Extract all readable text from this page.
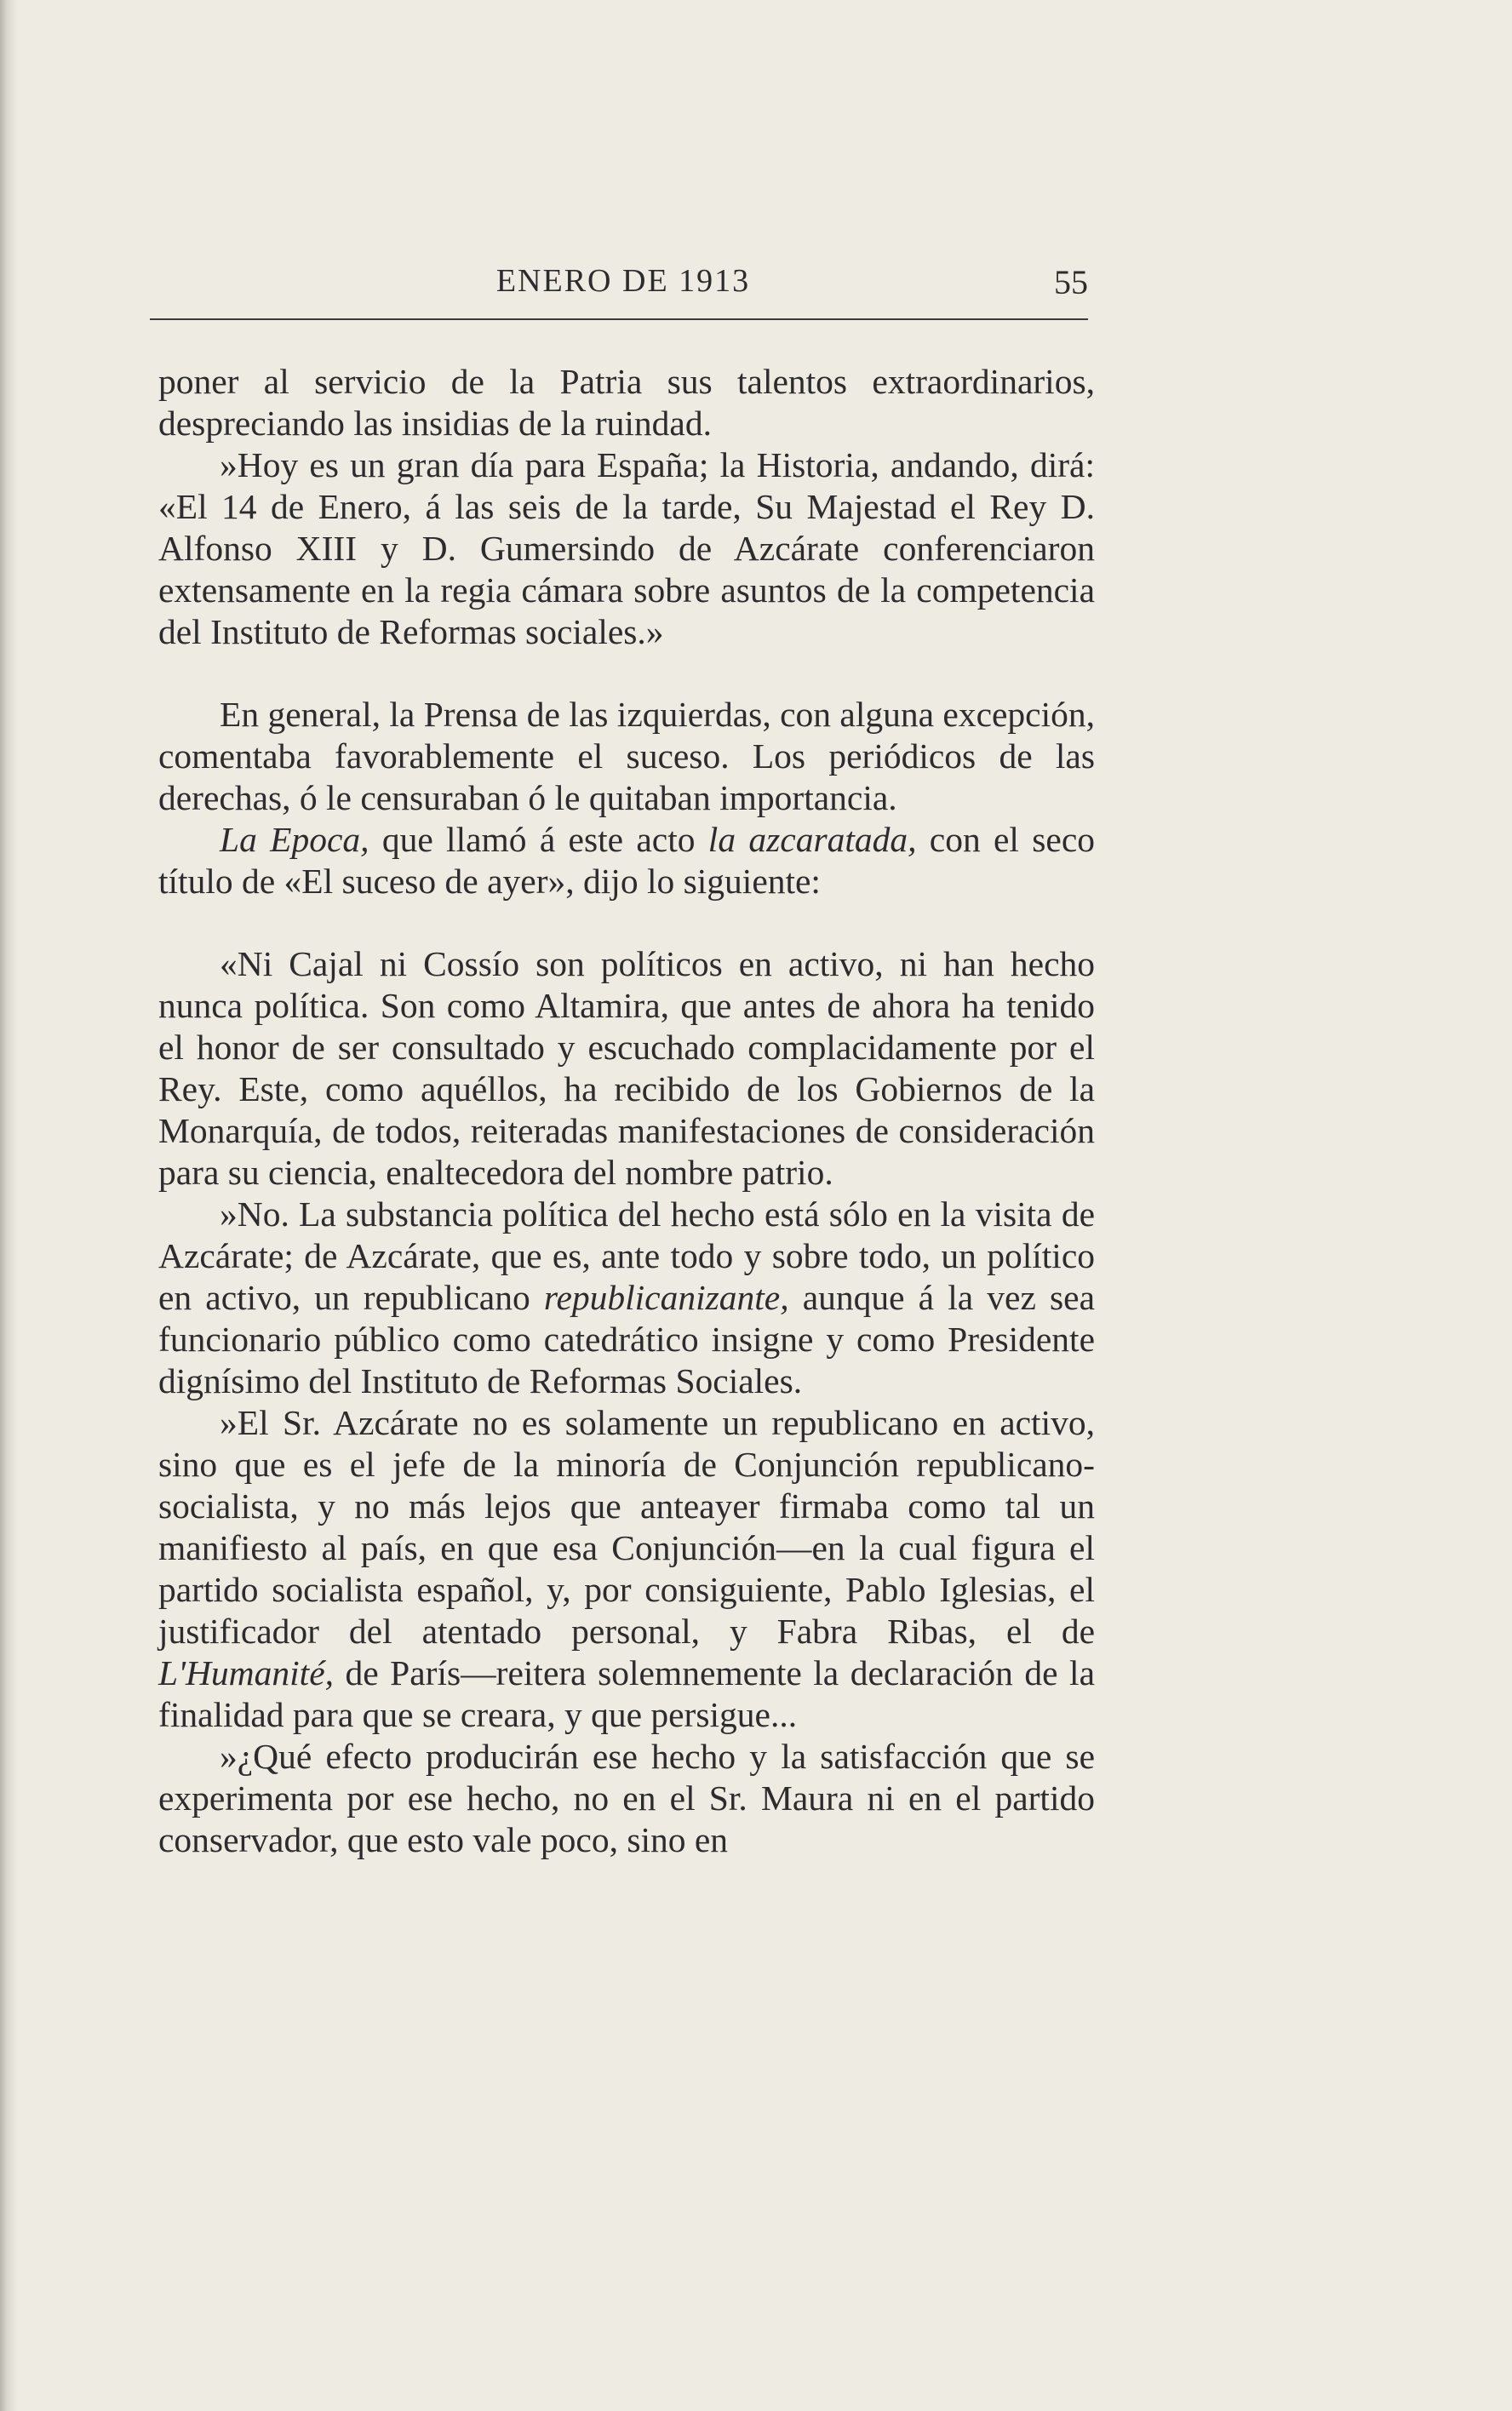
ENERO DE 1913	55

poner al servicio de la Patria sus talentos extraordinarios, despreciando las insidias de la ruindad.

»Hoy es un gran día para España; la Historia, andando, dirá: «El 14 de Enero, á las seis de la tarde, Su Majestad el Rey D. Alfonso XIII y D. Gumersindo de Azcárate conferenciaron extensamente en la regia cámara sobre asuntos de la competencia del Instituto de Reformas sociales.»

En general, la Prensa de las izquierdas, con alguna excepción, comentaba favorablemente el suceso. Los periódicos de las derechas, ó le censuraban ó le quitaban importancia.

La Epoca, que llamó á este acto la azcaratada, con el seco título de «El suceso de ayer», dijo lo siguiente:

«Ni Cajal ni Cossío son políticos en activo, ni han hecho nunca política. Son como Altamira, que antes de ahora ha tenido el honor de ser consultado y escuchado complacidamente por el Rey. Este, como aquéllos, ha recibido de los Gobiernos de la Monarquía, de todos, reiteradas manifestaciones de consideración para su ciencia, enaltecedora del nombre patrio.

»No. La substancia política del hecho está sólo en la visita de Azcárate; de Azcárate, que es, ante todo y sobre todo, un político en activo, un republicano republicanizante, aunque á la vez sea funcionario público como catedrático insigne y como Presidente dignísimo del Instituto de Reformas Sociales.

»El Sr. Azcárate no es solamente un republicano en activo, sino que es el jefe de la minoría de Conjunción republicano-socialista, y no más lejos que anteayer firmaba como tal un manifiesto al país, en que esa Conjunción—en la cual figura el partido socialista español, y, por consiguiente, Pablo Iglesias, el justificador del atentado personal, y Fabra Ribas, el de L'Humanité, de París—reitera solemnemente la declaración de la finalidad para que se creara, y que persigue...

»¿Qué efecto producirán ese hecho y la satisfacción que se experimenta por ese hecho, no en el Sr. Maura ni en el partido conservador, que esto vale poco, sino en
